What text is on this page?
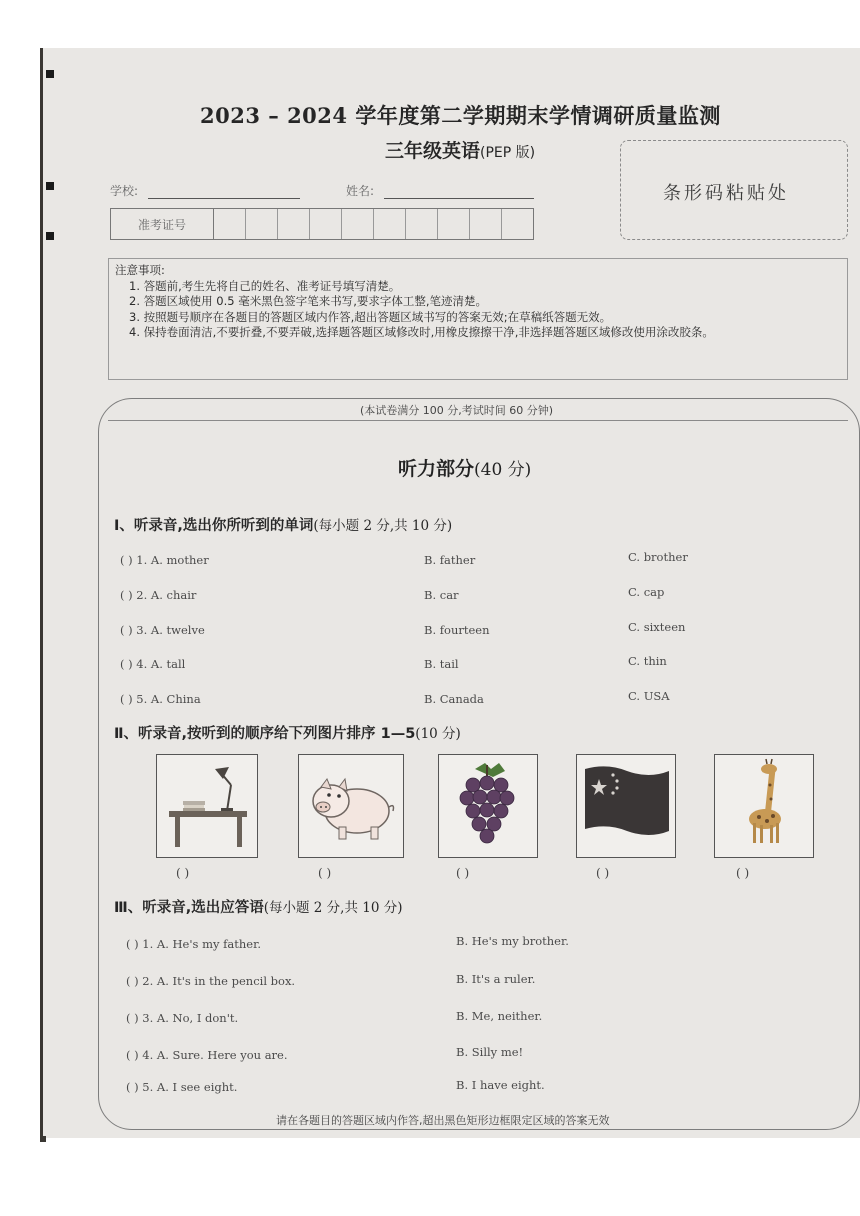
2023 – 2024 学年度第二学期期末学情调研质量监测
三年级英语(PEP 版)
条形码粘贴处
学校:	姓名:
准考证号
注意事项:
1. 答题前,考生先将自己的姓名、准考证号填写清楚。
2. 答题区域使用 0.5 毫米黑色签字笔来书写,要求字体工整,笔迹清楚。
3. 按照题号顺序在各题目的答题区域内作答,超出答题区域书写的答案无效;在草稿纸答题无效。
4. 保持卷面清洁,不要折叠,不要弄破,选择题答题区域修改时,用橡皮擦擦干净,非选择题答题区域修改使用涂改胶条。
(本试卷满分 100 分,考试时间 60 分钟)
听力部分(40 分)
Ⅰ、听录音,选出你所听到的单词(每小题 2 分,共 10 分)
( ) 1. A. mother	B. father	C. brother
( ) 2. A. chair	B. car	C. cap
( ) 3. A. twelve	B. fourteen	C. sixteen
( ) 4. A. tall	B. tail	C. thin
( ) 5. A. China	B. Canada	C. USA
Ⅱ、听录音,按听到的顺序给下列图片排序 1—5(10 分)
( )	( )	( )	( )	( )
Ⅲ、听录音,选出应答语(每小题 2 分,共 10 分)
( ) 1. A. He's my father.	B. He's my brother.
( ) 2. A. It's in the pencil box.	B. It's a ruler.
( ) 3. A. No, I don't.	B. Me, neither.
( ) 4. A. Sure. Here you are.	B. Silly me!
( ) 5. A. I see eight.	B. I have eight.
请在各题目的答题区域内作答,超出黑色矩形边框限定区域的答案无效
